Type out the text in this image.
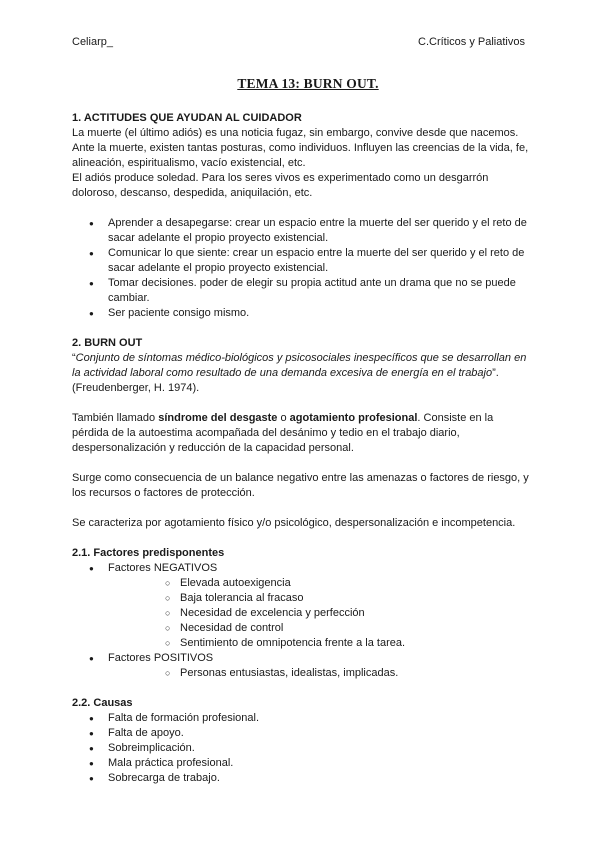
Celiarp_	C.Críticos y Paliativos
TEMA 13: BURN OUT.

1. ACTITUDES QUE AYUDAN AL CUIDADOR

La muerte (el último adiós) es una noticia fugaz, sin embargo, convive desde que nacemos. Ante la muerte, existen tantas posturas, como individuos. Influyen las creencias de la vida, fe, alineación, espiritualismo, vacío existencial, etc.

El adiós produce soledad. Para los seres vivos es experimentado como un desgarrón doloroso, descanso, despedida, aniquilación, etc.

● Aprender a desapegarse: crear un espacio entre la muerte del ser querido y el reto de sacar adelante el propio proyecto existencial.
● Comunicar lo que siente: crear un espacio entre la muerte del ser querido y el reto de sacar adelante el propio proyecto existencial.
● Tomar decisiones. poder de elegir su propia actitud ante un drama que no se puede cambiar.
● Ser paciente consigo mismo.

2. BURN OUT

“Conjunto de síntomas médico-biológicos y psicosociales inespecíficos que se desarrollan en la actividad laboral como resultado de una demanda excesiva de energía en el trabajo”.

(Freudenberger, H. 1974).

También llamado síndrome del desgaste o agotamiento profesional. Consiste en la pérdida de la autoestima acompañada del desánimo y tedio en el trabajo diario, despersonalización y reducción de la capacidad personal.

Surge como consecuencia de un balance negativo entre las amenazas o factores de riesgo, y los recursos o factores de protección.

Se caracteriza por agotamiento físico y/o psicológico, despersonalización e incompetencia.

2.1. Factores predisponentes

● Factores NEGATIVOS
○ Elevada autoexigencia
○ Baja tolerancia al fracaso
○ Necesidad de excelencia y perfección
○ Necesidad de control
○ Sentimiento de omnipotencia frente a la tarea.
● Factores POSITIVOS
○ Personas entusiastas, idealistas, implicadas.

2.2. Causas

● Falta de formación profesional.
● Falta de apoyo.
● Sobreimplicación.
● Mala práctica profesional.
● Sobrecarga de trabajo.
